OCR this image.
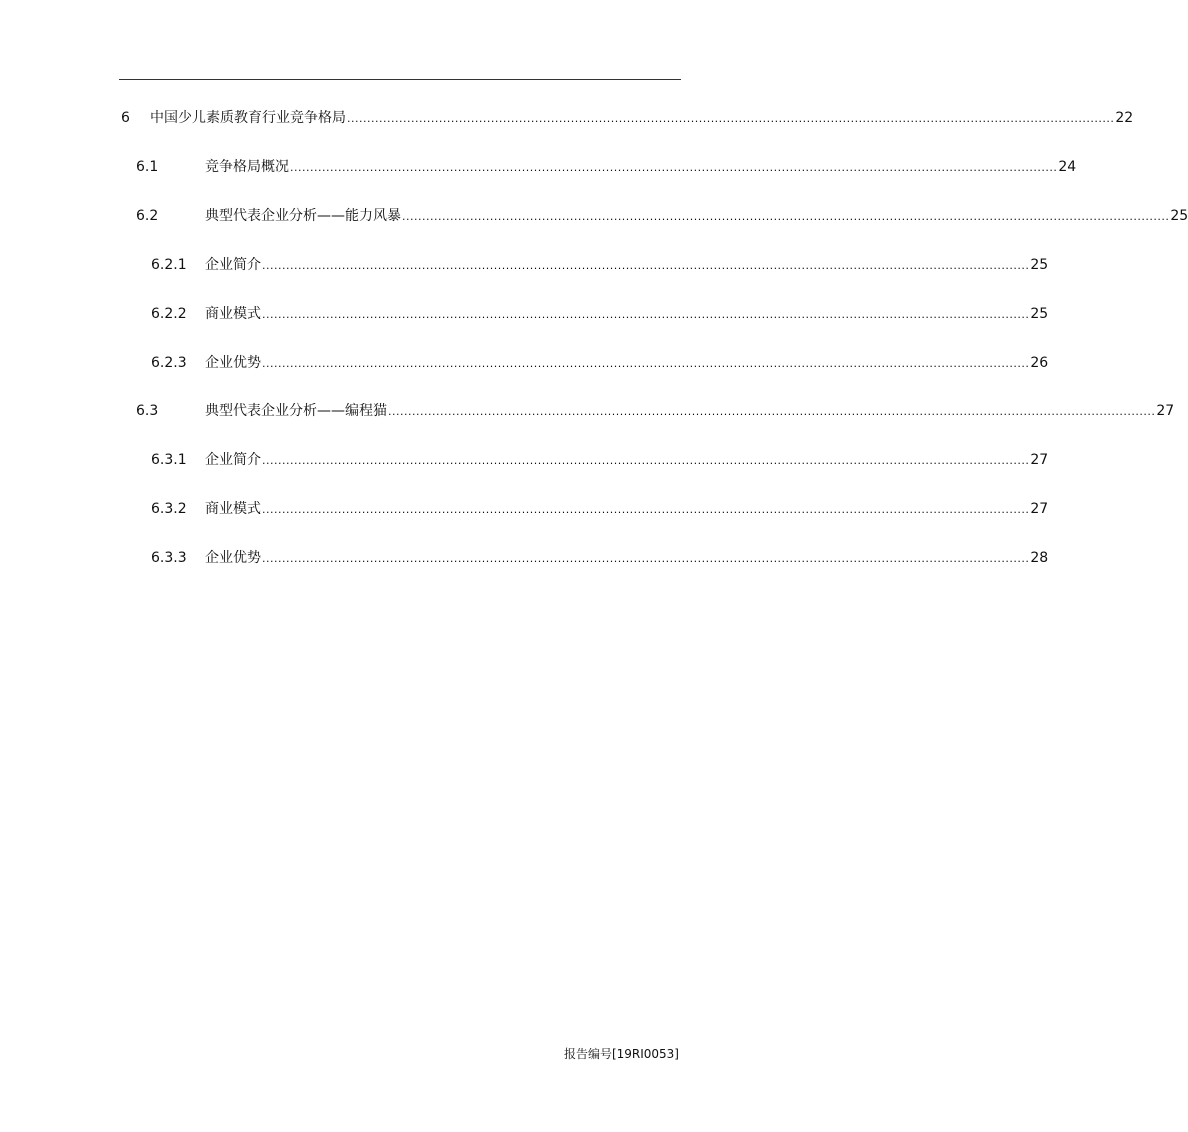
6 中国少儿素质教育行业竞争格局 ................................................................................................................................................................................................ 22
6.1	竞争格局概况 ................................................................................................................................................................................................ 24
6.2	典型代表企业分析——能力风暴 ................................................................................................................................................................................................ 25
6.2.1 企业简介 ................................................................................................................................................................................................ 25
6.2.2 商业模式 ................................................................................................................................................................................................ 25
6.2.3 企业优势 ................................................................................................................................................................................................ 26
6.3	典型代表企业分析——编程猫 ................................................................................................................................................................................................ 27
6.3.1 企业简介 ................................................................................................................................................................................................ 27
6.3.2 商业模式 ................................................................................................................................................................................................ 27
6.3.3 企业优势 ................................................................................................................................................................................................ 28
报告编号[19RI0053]
